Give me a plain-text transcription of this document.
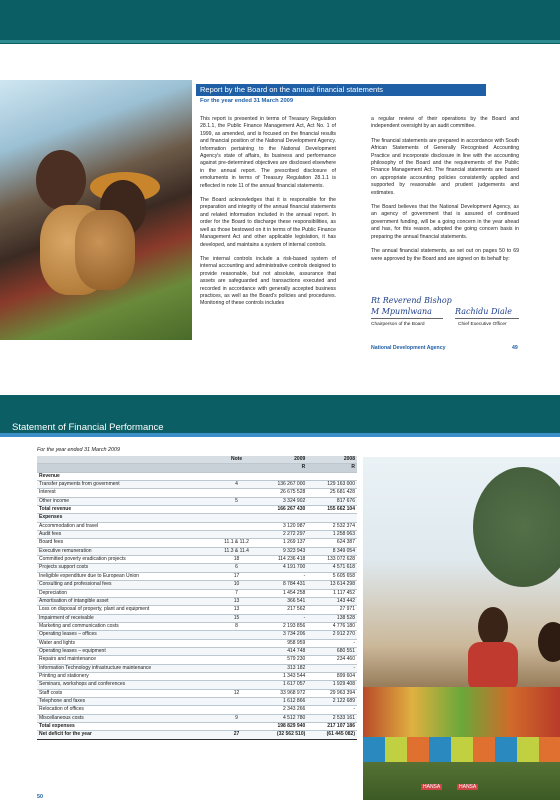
Report by the Board on the annual financial statements
For the year ended 31 March 2009

This report is presented in terms of Treasury Regulation 28.1.1, the Public Finance Management Act, Act No. 1 of 1999, as amended, and is focused on the financial results and financial position of the National Development Agency. Information pertaining to the National Development Agency's state of affairs, its business and performance against pre-determined objectives are disclosed elsewhere in the annual report. The prescribed disclosure of emoluments in terms of Treasury Regulation 28.1.1 is reflected in note 11 of the annual financial statements.

The Board acknowledges that it is responsible for the preparation and integrity of the annual financial statements and related information included in the annual report. In order for the Board to discharge these responsibilities, as well as those bestowed on it in terms of the Public Finance Management Act and other applicable legislation, it has developed, and maintains a system of internal controls.

The internal controls include a risk-based system of internal accounting and administrative controls designed to provide reasonable, but not absolute, assurance that assets are safeguarded and transactions executed and recorded in accordance with generally accepted business practices, as well as the Board's policies and procedures. Monitoring of these controls includes

a regular review of their operations by the Board and independent oversight by an audit committee.

The financial statements are prepared in accordance with South African Statements of Generally Recognised Accounting Practice and incorporate disclosure in line with the accounting philosophy of the Board and the requirements of the Public Finance Management Act. The financial statements are based on appropriate accounting policies consistently applied and supported by reasonable and prudent judgements and estimates.

The Board believes that the National Development Agency, as an agency of government that is assured of continued government funding, will be a going concern in the year ahead and has, for this reason, adopted the going concern basis in preparing the annual financial statements.

The annual financial statements, as set out on pages 50 to 69 were approved by the Board and are signed on its behalf by:

Rt Reverend Bishop
M Mpumlwana	Rachidu Diale
Chairperson of the Board	Chief Executive Officer
National Development Agency	49
Statement of Financial Performance
For the year ended 31 March 2009
	Note	2009	2008
		R	R
Revenue			
Transfer payments from government	4	136 267 000	129 163 000
Interest		26 675 528	25 681 428
Other income	5	3 324 902	817 676
Total revenue		166 267 430	155 662 104
Expenses			
Accommodation and travel		3 120 987	2 532 374
Audit fees		2 272 297	1 258 063
Board fees	11.1 & 11.2	1 269 137	624 387
Executive remuneration	11.3 & 11.4	9 323 943	8 349 054
Committed poverty eradication projects	18	114 236 418	133 072 628
Projects support costs	6	4 191 700	4 571 618
Ineligible expenditure due to European Union	17	-	5 605 658
Consulting and professional fees	10	8 784 431	13 614 298
Depreciation	7	1 454 258	1 117 452
Amortisation of intangible asset	13	366 541	143 442
Loss on disposal of property, plant and equipment	13	217 562	27 971
Impairment of receivable	15	-	138 528
Marketing and communication costs	8	2 193 856	4 776 180
Operating leases – offices		3 734 206	2 912 270
Water and lights		958 959	-
Operating leases – equipment		414 748	680 551
Repairs and maintenance		579 230	234 460
Information Technology infrastructure maintenance		313 182	-
Printing and stationery		1 343 544	899 604
Seminars, workshops and conferences		1 617 057	1 929 408
Staff costs	12	33 968 972	29 963 394
Telephone and faxes		1 612 866	2 122 689
Relocation of offices		2 343 266	-
Miscellaneous costs	9	4 512 780	2 533 161
Total expenses		198 829 940	217 107 186
Net deficit for the year	27	(32 562 510)	(61 445 082)
HANSA	HANSA
50
